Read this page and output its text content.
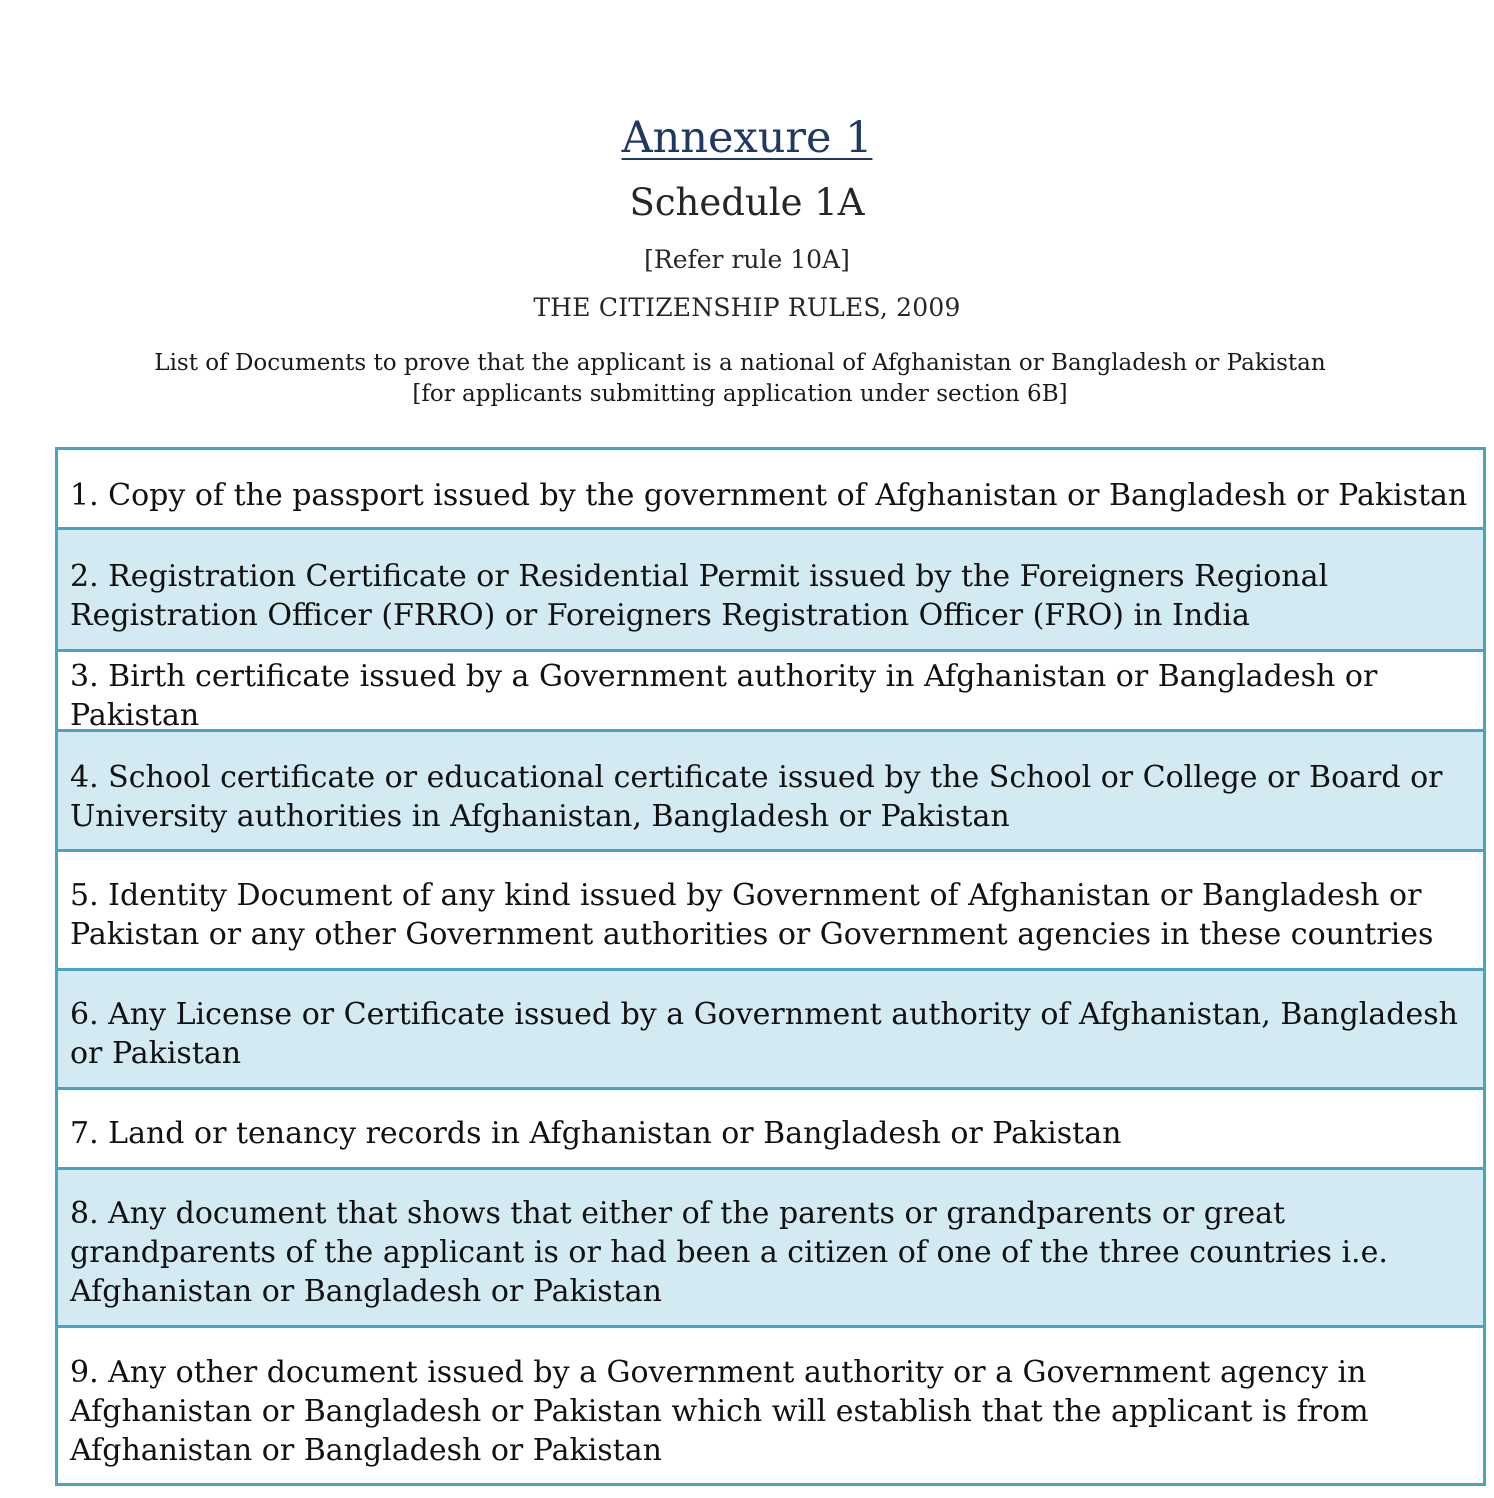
Annexure 1
Schedule 1A

[Refer rule 10A]

THE CITIZENSHIP RULES, 2009

List of Documents to prove that the applicant is a national of Afghanistan or Bangladesh or Pakistan
[for applicants submitting application under section 6B]

1. Copy of the passport issued by the government of Afghanistan or Bangladesh or Pakistan
2. Registration Certificate or Residential Permit issued by the Foreigners Regional Registration Officer (FRRO) or Foreigners Registration Officer (FRO) in India
3. Birth certificate issued by a Government authority in Afghanistan or Bangladesh or Pakistan
4. School certificate or educational certificate issued by the School or College or Board or University authorities in Afghanistan, Bangladesh or Pakistan
5. Identity Document of any kind issued by Government of Afghanistan or Bangladesh or Pakistan or any other Government authorities or Government agencies in these countries
6. Any License or Certificate issued by a Government authority of Afghanistan, Bangladesh or Pakistan
7. Land or tenancy records in Afghanistan or Bangladesh or Pakistan
8. Any document that shows that either of the parents or grandparents or great grandparents of the applicant is or had been a citizen of one of the three countries i.e. Afghanistan or Bangladesh or Pakistan
9. Any other document issued by a Government authority or a Government agency in Afghanistan or Bangladesh or Pakistan which will establish that the applicant is from Afghanistan or Bangladesh or Pakistan
